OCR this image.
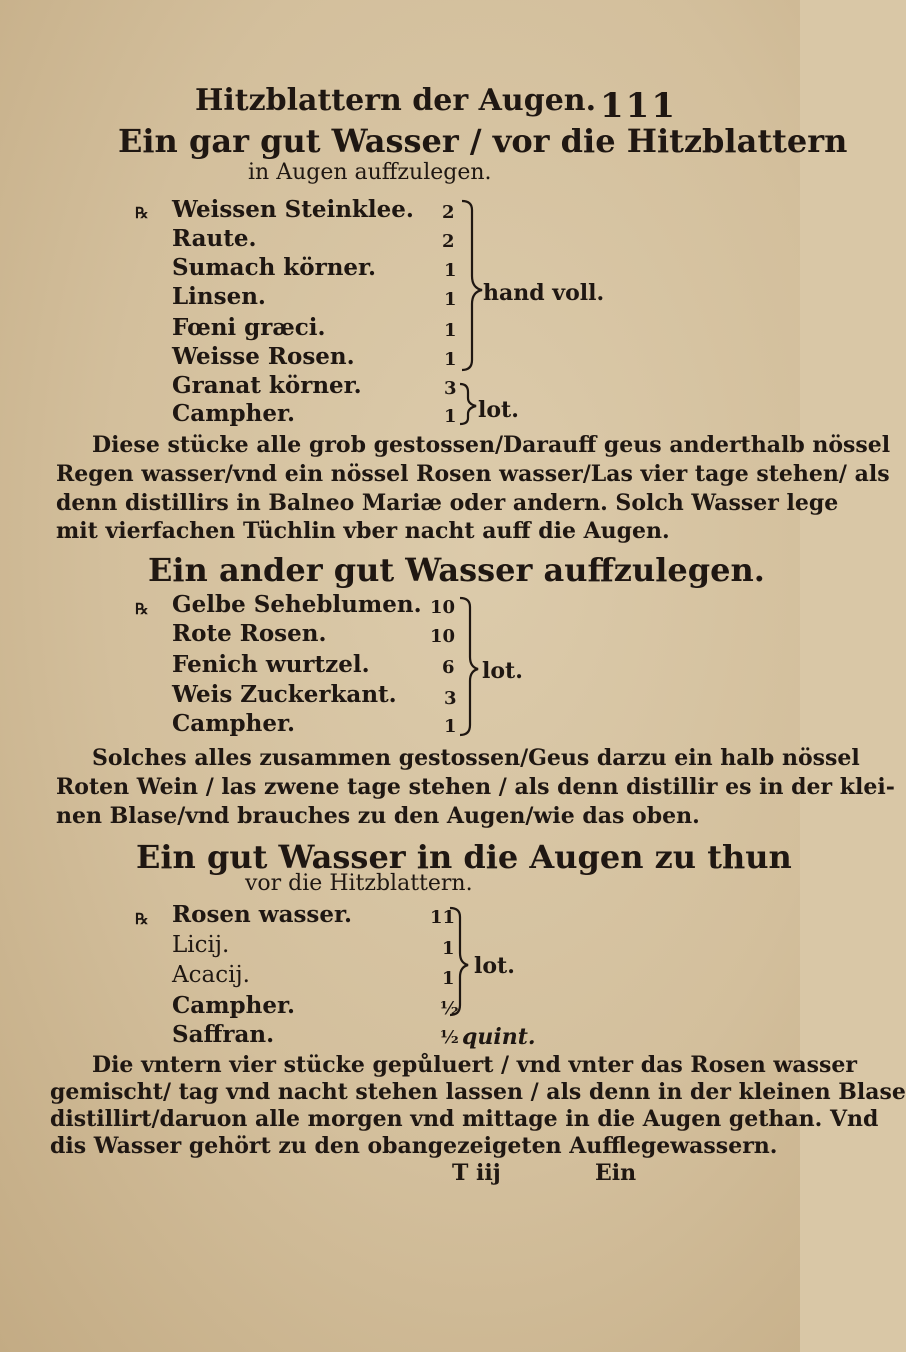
Hitzblattern der Augen. 111
Ein gar gut Wasser / vor die Hitzblattern
in Augen auffzulegen.
℞ Weissen Steinklee. 2
Raute.	2
Sumach körner.	1
Linsen.	1
Fœni græci.	1
Weisse Rosen.	1
Granat körner.	3
Campher.	1
hand voll.
lot.
Diese stücke alle grob gestossen/Darauff geus anderthalb nössel
Regen wasser/vnd ein nössel Rosen wasser/Las vier tage stehen/ als
denn distillirs in Balneo Mariæ oder andern. Solch Wasser lege
mit vierfachen Tüchlin vber nacht auff die Augen.
Ein ander gut Wasser auffzulegen.
℞ Gelbe Seheblumen. 10
Rote Rosen.	10
Fenich wurtzel.	6
Weis Zuckerkant.	3
Campher.	1
lot.
Solches alles zusammen gestossen/Geus darzu ein halb nössel
Roten Wein / las zwene tage stehen / als denn distillir es in der klei-
nen Blase/vnd brauches zu den Augen/wie das oben.
Ein gut Wasser in die Augen zu thun
vor die Hitzblattern.
℞ Rosen wasser.	11
Licij.	1
Acacij.	1
Campher.	½
Saffran.	½ quint.
lot.
Die vntern vier stücke gepůluert / vnd vnter das Rosen wasser
gemischt/ tag vnd nacht stehen lassen / als denn in der kleinen Blase
distillirt/daruon alle morgen vnd mittage in die Augen gethan. Vnd
dis Wasser gehört zu den obangezeigeten Aufflegewassern.
T iij	Ein
